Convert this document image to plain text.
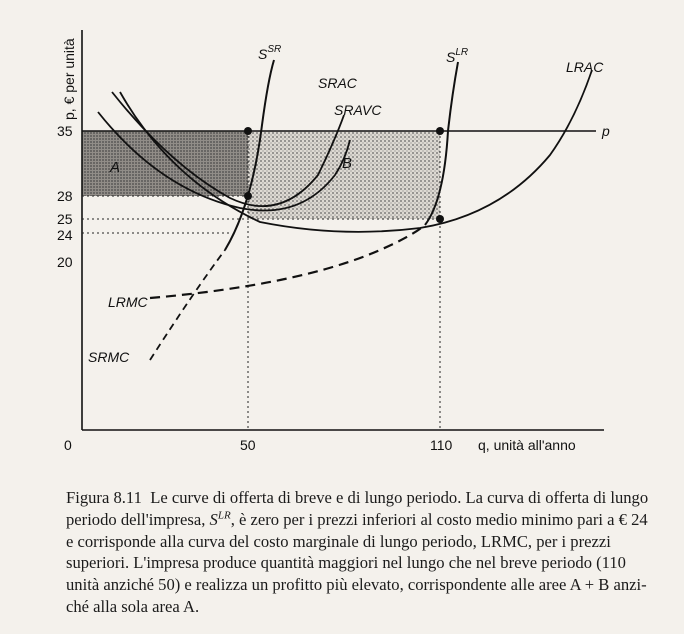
p, € per unità
q, unità all'anno
35
28
25
24
20
0	50	110
$S^{SR}$	$S^{LR}$
SRAC
SRAVC
LRAC
LRMC
SRMC
p
A	B
Figura 8.11  Le curve di offerta di breve e di lungo periodo. La curva di offerta di lungo
periodo dell'impresa, $S^{LR}$, è zero per i prezzi inferiori al costo medio minimo pari a € 24
e corrisponde alla curva del costo marginale di lungo periodo, LRMC, per i prezzi
superiori. L'impresa produce quantità maggiori nel lungo che nel breve periodo (110
unità anziché 50) e realizza un profitto più elevato, corrispondente alle aree A + B anzi-
ché alla sola area A.
